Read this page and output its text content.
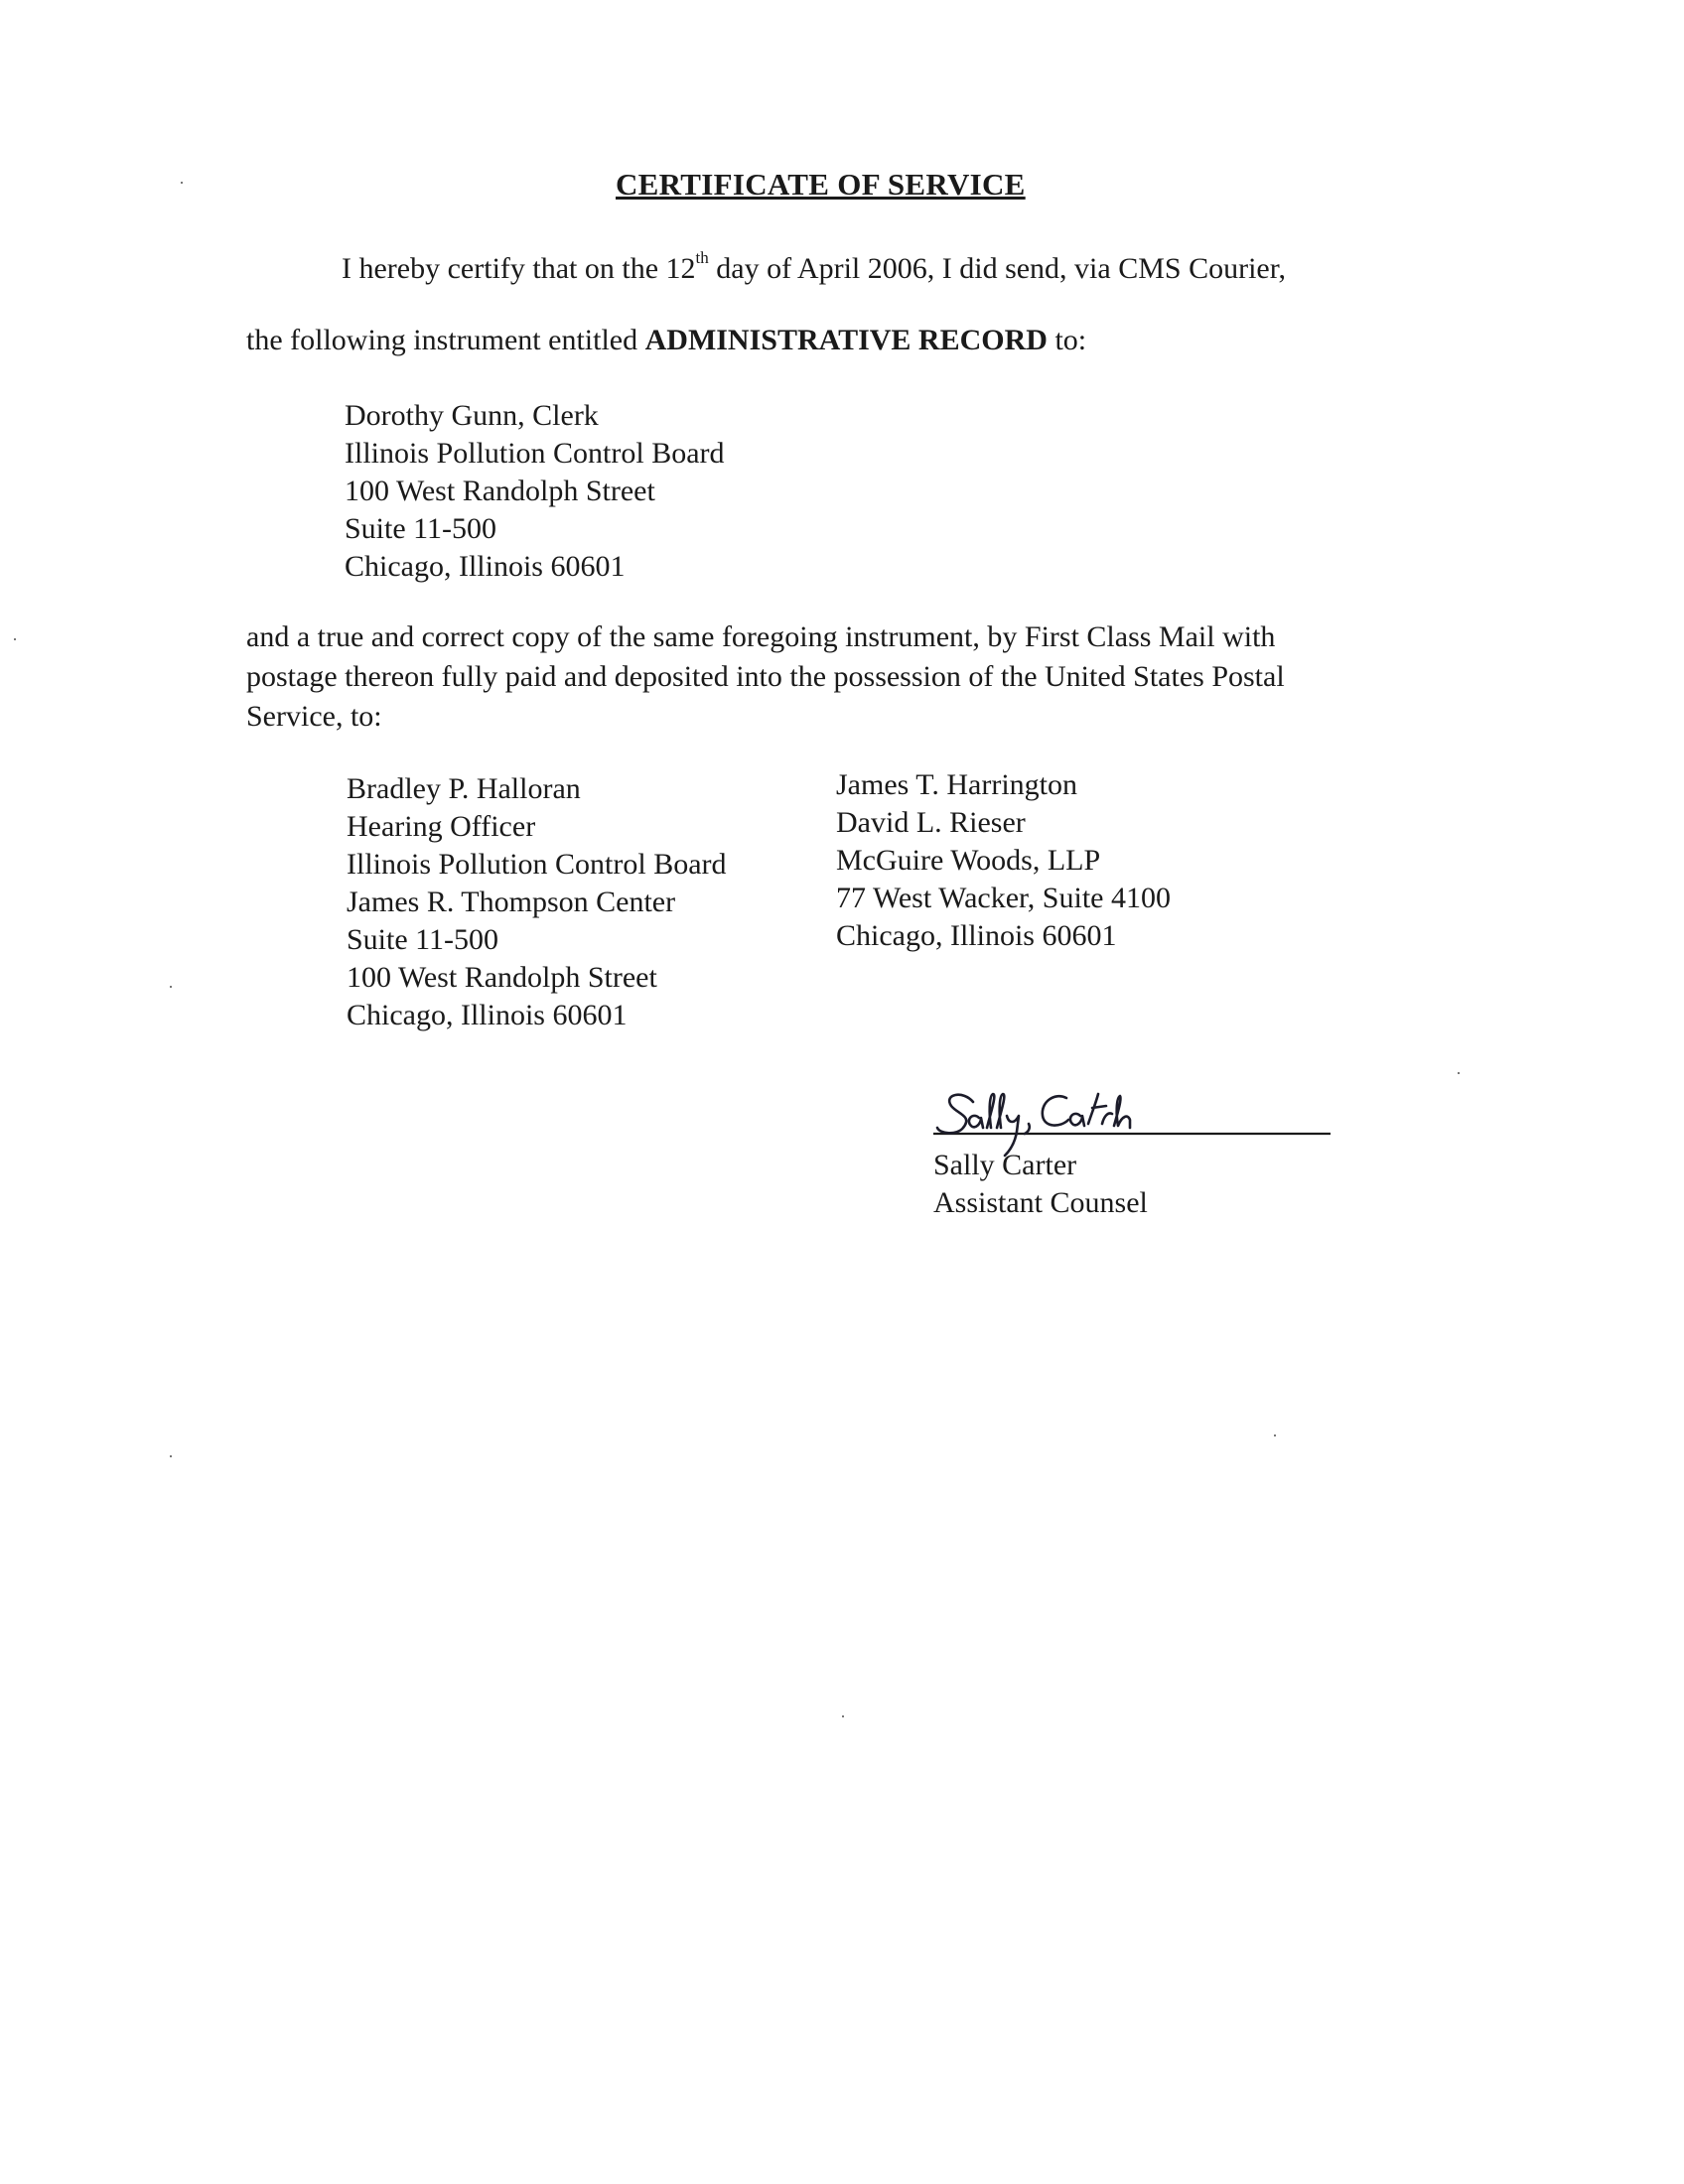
CERTIFICATE OF SERVICE
I hereby certify that on the 12th day of April 2006, I did send, via CMS Courier,
the following instrument entitled ADMINISTRATIVE RECORD to:
Dorothy Gunn, Clerk
Illinois Pollution Control Board
100 West Randolph Street
Suite 11-500
Chicago, Illinois 60601
and a true and correct copy of the same foregoing instrument, by First Class Mail with
postage thereon fully paid and deposited into the possession of the United States Postal
Service, to:
Bradley P. Halloran
Hearing Officer
Illinois Pollution Control Board
James R. Thompson Center
Suite 11-500
100 West Randolph Street
Chicago, Illinois 60601
James T. Harrington
David L. Rieser
McGuire Woods, LLP
77 West Wacker, Suite 4100
Chicago, Illinois 60601
Sally Carter
Assistant Counsel
